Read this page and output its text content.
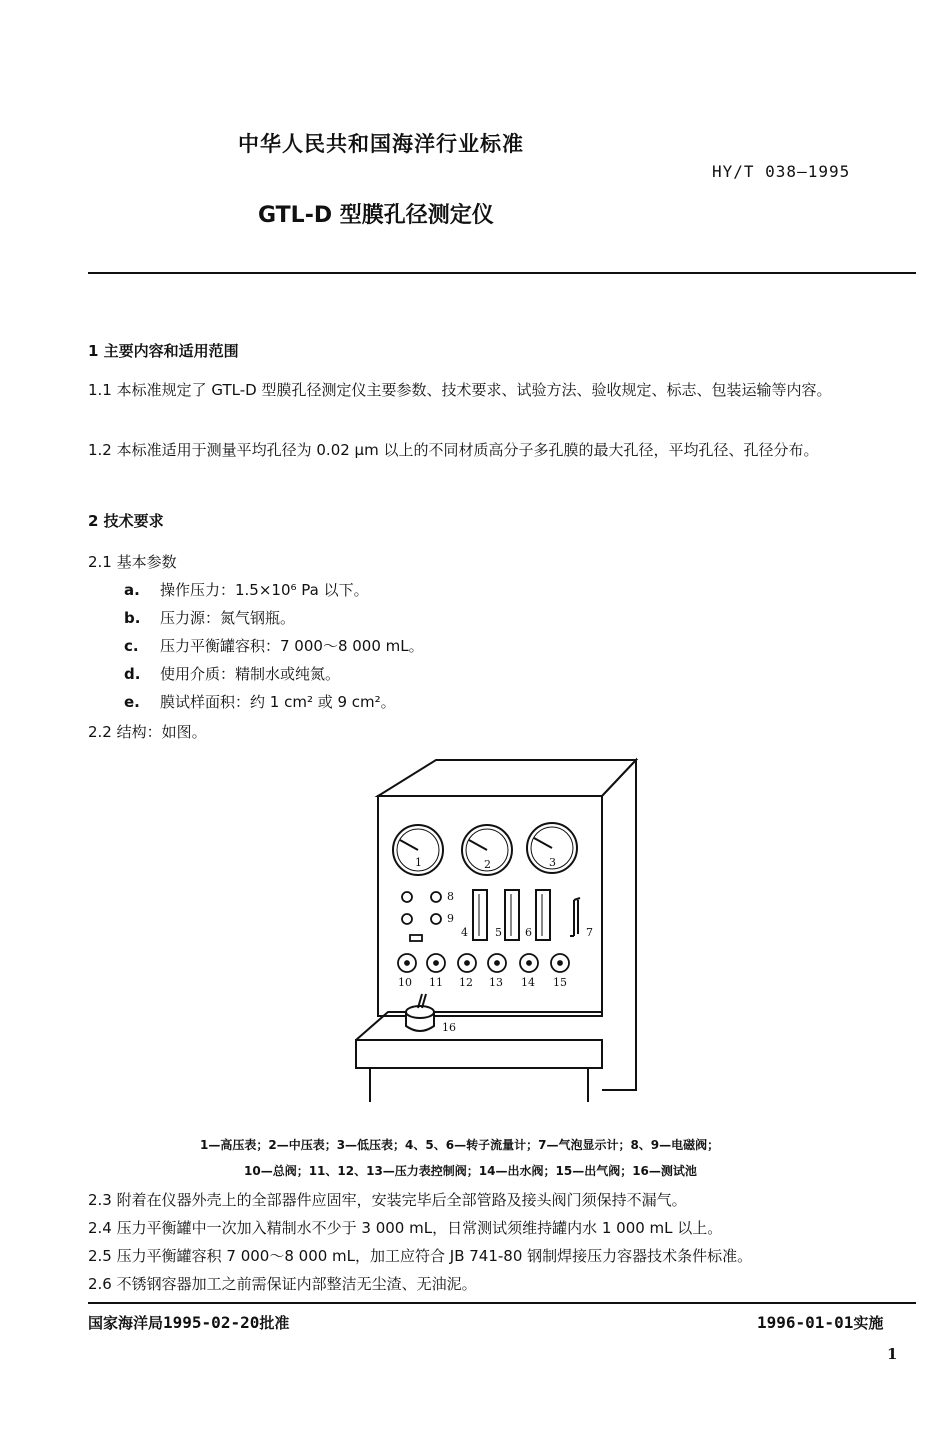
中华人民共和国海洋行业标准
HY/T 038—1995
GTL-D 型膜孔径测定仪
1 主要内容和适用范围
1.1 本标准规定了 GTL-D 型膜孔径测定仪主要参数、技术要求、试验方法、验收规定、标志、包装运输等内容。
1.2 本标准适用于测量平均孔径为 0.02 μm 以上的不同材质高分子多孔膜的最大孔径，平均孔径、孔径分布。
2 技术要求
2.1 基本参数
a. 操作压力：1.5×10⁶ Pa 以下。
b. 压力源：氮气钢瓶。
c. 压力平衡罐容积：7 000～8 000 mL。
d. 使用介质：精制水或纯氮。
e. 膜试样面积：约 1 cm² 或 9 cm²。
2.2 结构：如图。
1	2	3
8
9
4 5 6	7
10 11 12 13 14 15
16
1—高压表；2—中压表；3—低压表；4、5、6—转子流量计；7—气泡显示计；8、9—电磁阀；
10—总阀；11、12、13—压力表控制阀；14—出水阀；15—出气阀；16—测试池
2.3 附着在仪器外壳上的全部器件应固牢，安装完毕后全部管路及接头阀门须保持不漏气。
2.4 压力平衡罐中一次加入精制水不少于 3 000 mL，日常测试须维持罐内水 1 000 mL 以上。
2.5 压力平衡罐容积 7 000～8 000 mL，加工应符合 JB 741-80 钢制焊接压力容器技术条件标准。
2.6 不锈钢容器加工之前需保证内部整洁无尘渣、无油泥。
国家海洋局1995-02-20批准	1996-01-01实施
1
